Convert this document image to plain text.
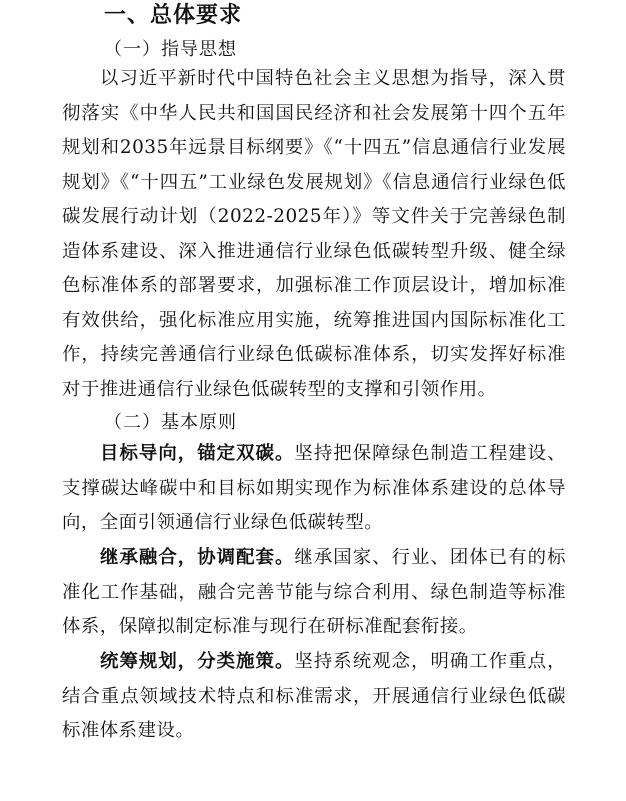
一、总体要求
（一）指导思想

以习近平新时代中国特色社会主义思想为指导，深入贯彻落实《中华人民共和国国民经济和社会发展第十四个五年规划和2035年远景目标纲要》《“十四五”信息通信行业发展规划》《“十四五”工业绿色发展规划》《信息通信行业绿色低碳发展行动计划（2022-2025年）》等文件关于完善绿色制造体系建设、深入推进通信行业绿色低碳转型升级、健全绿色标准体系的部署要求，加强标准工作顶层设计，增加标准有效供给，强化标准应用实施，统筹推进国内国际标准化工作，持续完善通信行业绿色低碳标准体系，切实发挥好标准对于推进通信行业绿色低碳转型的支撑和引领作用。

（二）基本原则

目标导向，锚定双碳。坚持把保障绿色制造工程建设、支撑碳达峰碳中和目标如期实现作为标准体系建设的总体导向，全面引领通信行业绿色低碳转型。

继承融合，协调配套。继承国家、行业、团体已有的标准化工作基础，融合完善节能与综合利用、绿色制造等标准体系，保障拟制定标准与现行在研标准配套衔接。

统筹规划，分类施策。坚持系统观念，明确工作重点，结合重点领域技术特点和标准需求，开展通信行业绿色低碳标准体系建设。
